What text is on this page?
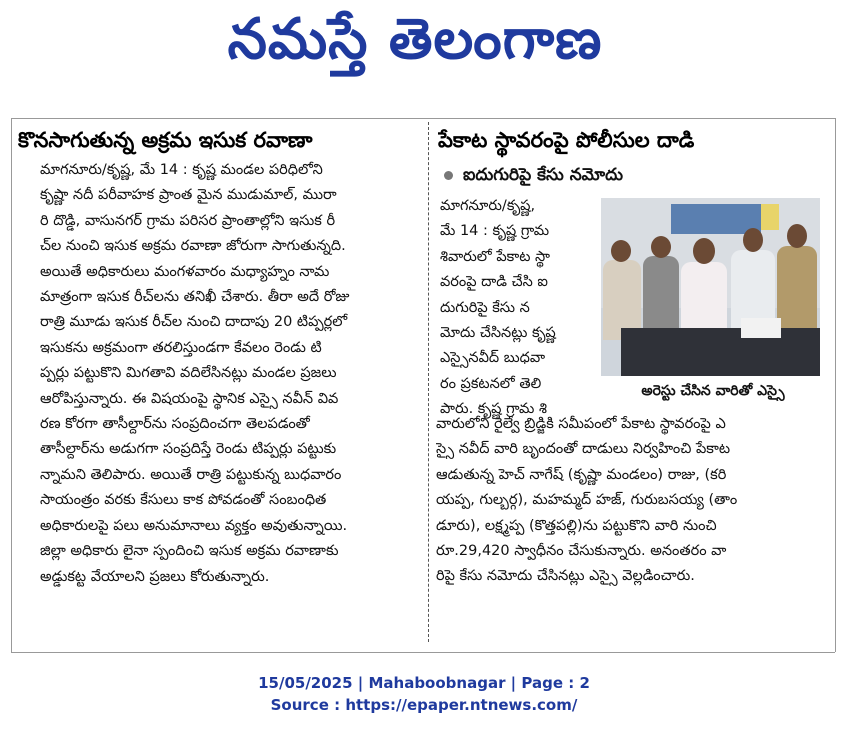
నమస్తే తెలంగాణ
కొనసాగుతున్న అక్రమ ఇసుక రవాణా
మాగనూరు/కృష్ణ, మే 14 : కృష్ణ మండల పరిధిలోని
కృష్ణా నదీ పరీవాహక ప్రాంత మైన ముడుమాల్, మురా
రి దొడ్డి, వాసునగర్ గ్రామ పరిసర ప్రాంతాల్లోని ఇసుక రీ
చ్‌ల నుంచి ఇసుక అక్రమ రవాణా జోరుగా సాగుతున్నది.
అయితే అధికారులు మంగళవారం మధ్యాహ్నం నామ
మాత్రంగా ఇసుక రీచ్‌లను తనిఖీ చేశారు. తీరా అదే రోజు
రాత్రి మూడు ఇసుక రీచ్‌ల నుంచి దాదాపు 20 టిప్పర్లలో
ఇసుకను అక్రమంగా తరలిస్తుండగా కేవలం రెండు టి
ప్పర్లు పట్టుకొని మిగతావి వదిలేసినట్లు మండల ప్రజలు
ఆరోపిస్తున్నారు. ఈ విషయంపై స్థానిక ఎస్సై నవీన్ వివ
రణ కోరగా తాసీల్దార్‌ను సంప్రదించగా తెలపడంతో
తాసీల్దార్‌ను అడుగగా సంప్రదిస్తే రెండు టిప్పర్లు పట్టుకు
న్నామని తెలిపారు. అయితే రాత్రి పట్టుకున్న బుధవారం
సాయంత్రం వరకు కేసులు కాక పోవడంతో సంబంధిత
అధికారులపై పలు అనుమానాలు వ్యక్తం అవుతున్నాయి.
జిల్లా అధికారు లైనా స్పందించి ఇసుక అక్రమ రవాణాకు
అడ్డుకట్ట వేయాలని ప్రజలు కోరుతున్నారు.
పేకాట స్థావరంపై పోలీసుల దాడి
ఐదుగురిపై కేసు నమోదు
మాగనూరు/కృష్ణ,
మే 14 : కృష్ణ గ్రామ
శివారులో పేకాట స్థా
వరంపై దాడి చేసి ఐ
దుగురిపై కేసు న
మోదు చేసినట్లు కృష్ణ
ఎస్సైనవీద్ బుధవా
రం ప్రకటనలో తెలి
పారు. కృష్ణ గ్రామ శి
అరెస్టు చేసిన వారితో ఎస్సై
వారులోని రైల్వే బ్రిడ్జికి సమీపంలో పేకాట స్థావరంపై ఎ
స్సై నవీద్ వారి బృందంతో దాడులు నిర్వహించి పేకాట
ఆడుతున్న హెచ్ నాగేష్ (కృష్ణా మండలం) రాజు, (కరి
యప్ప, గుల్బర్గ), మహమ్మద్ హజ్, గురుబసయ్య (తాం
డూరు), లక్ష్మప్ప (కొత్తపల్లి)ను పట్టుకొని వారి నుంచి
రూ.29,420 స్వాధీనం చేసుకున్నారు. అనంతరం వా
రిపై కేసు నమోదు చేసినట్లు ఎస్సై వెల్లడించారు.
15/05/2025 | Mahaboobnagar | Page : 2
Source : https://epaper.ntnews.com/
